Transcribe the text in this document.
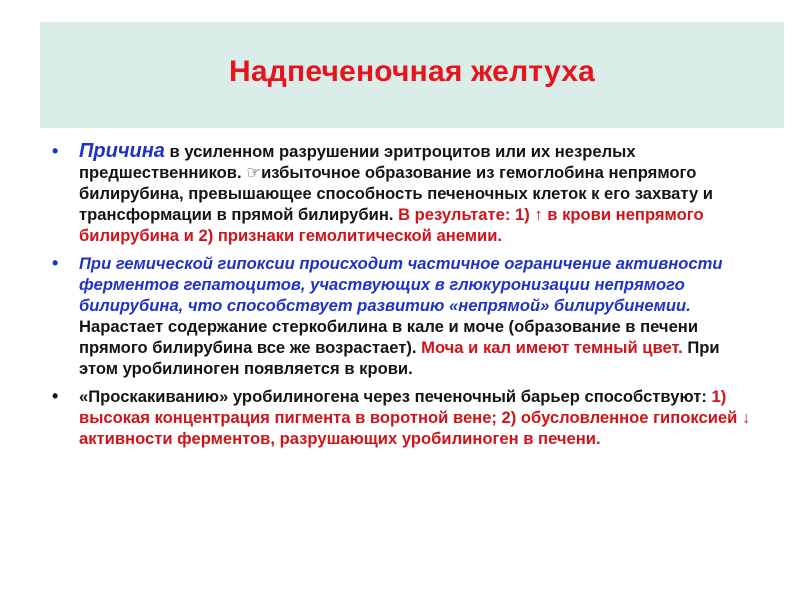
Надпеченочная желтуха
• Причина в усиленном разрушении эритроцитов или их незрелых предшественников. ☞избыточное образование из гемоглобина непрямого билирубина, превышающее способность печеночных клеток к его захвату и трансформации в прямой билирубин. В результате: 1) ↑ в крови непрямого билирубина и 2) признаки гемолитической анемии.
• При гемической гипоксии происходит частичное ограничение активности ферментов гепатоцитов, участвующих в глюкуронизации непрямого билирубина, что способствует развитию «непрямой» билирубинемии. Нарастает содержание стеркобилина в кале и моче (образование в печени прямого билирубина все же возрастает). Моча и кал имеют темный цвет. При этом уробилиноген появляется в крови.
• «Проскакиванию» уробилиногена через печеночный барьер способствуют: 1) высокая концентрация пигмента в воротной вене; 2) обусловленное гипоксией ↓ активности ферментов, разрушающих уробилиноген в печени.
